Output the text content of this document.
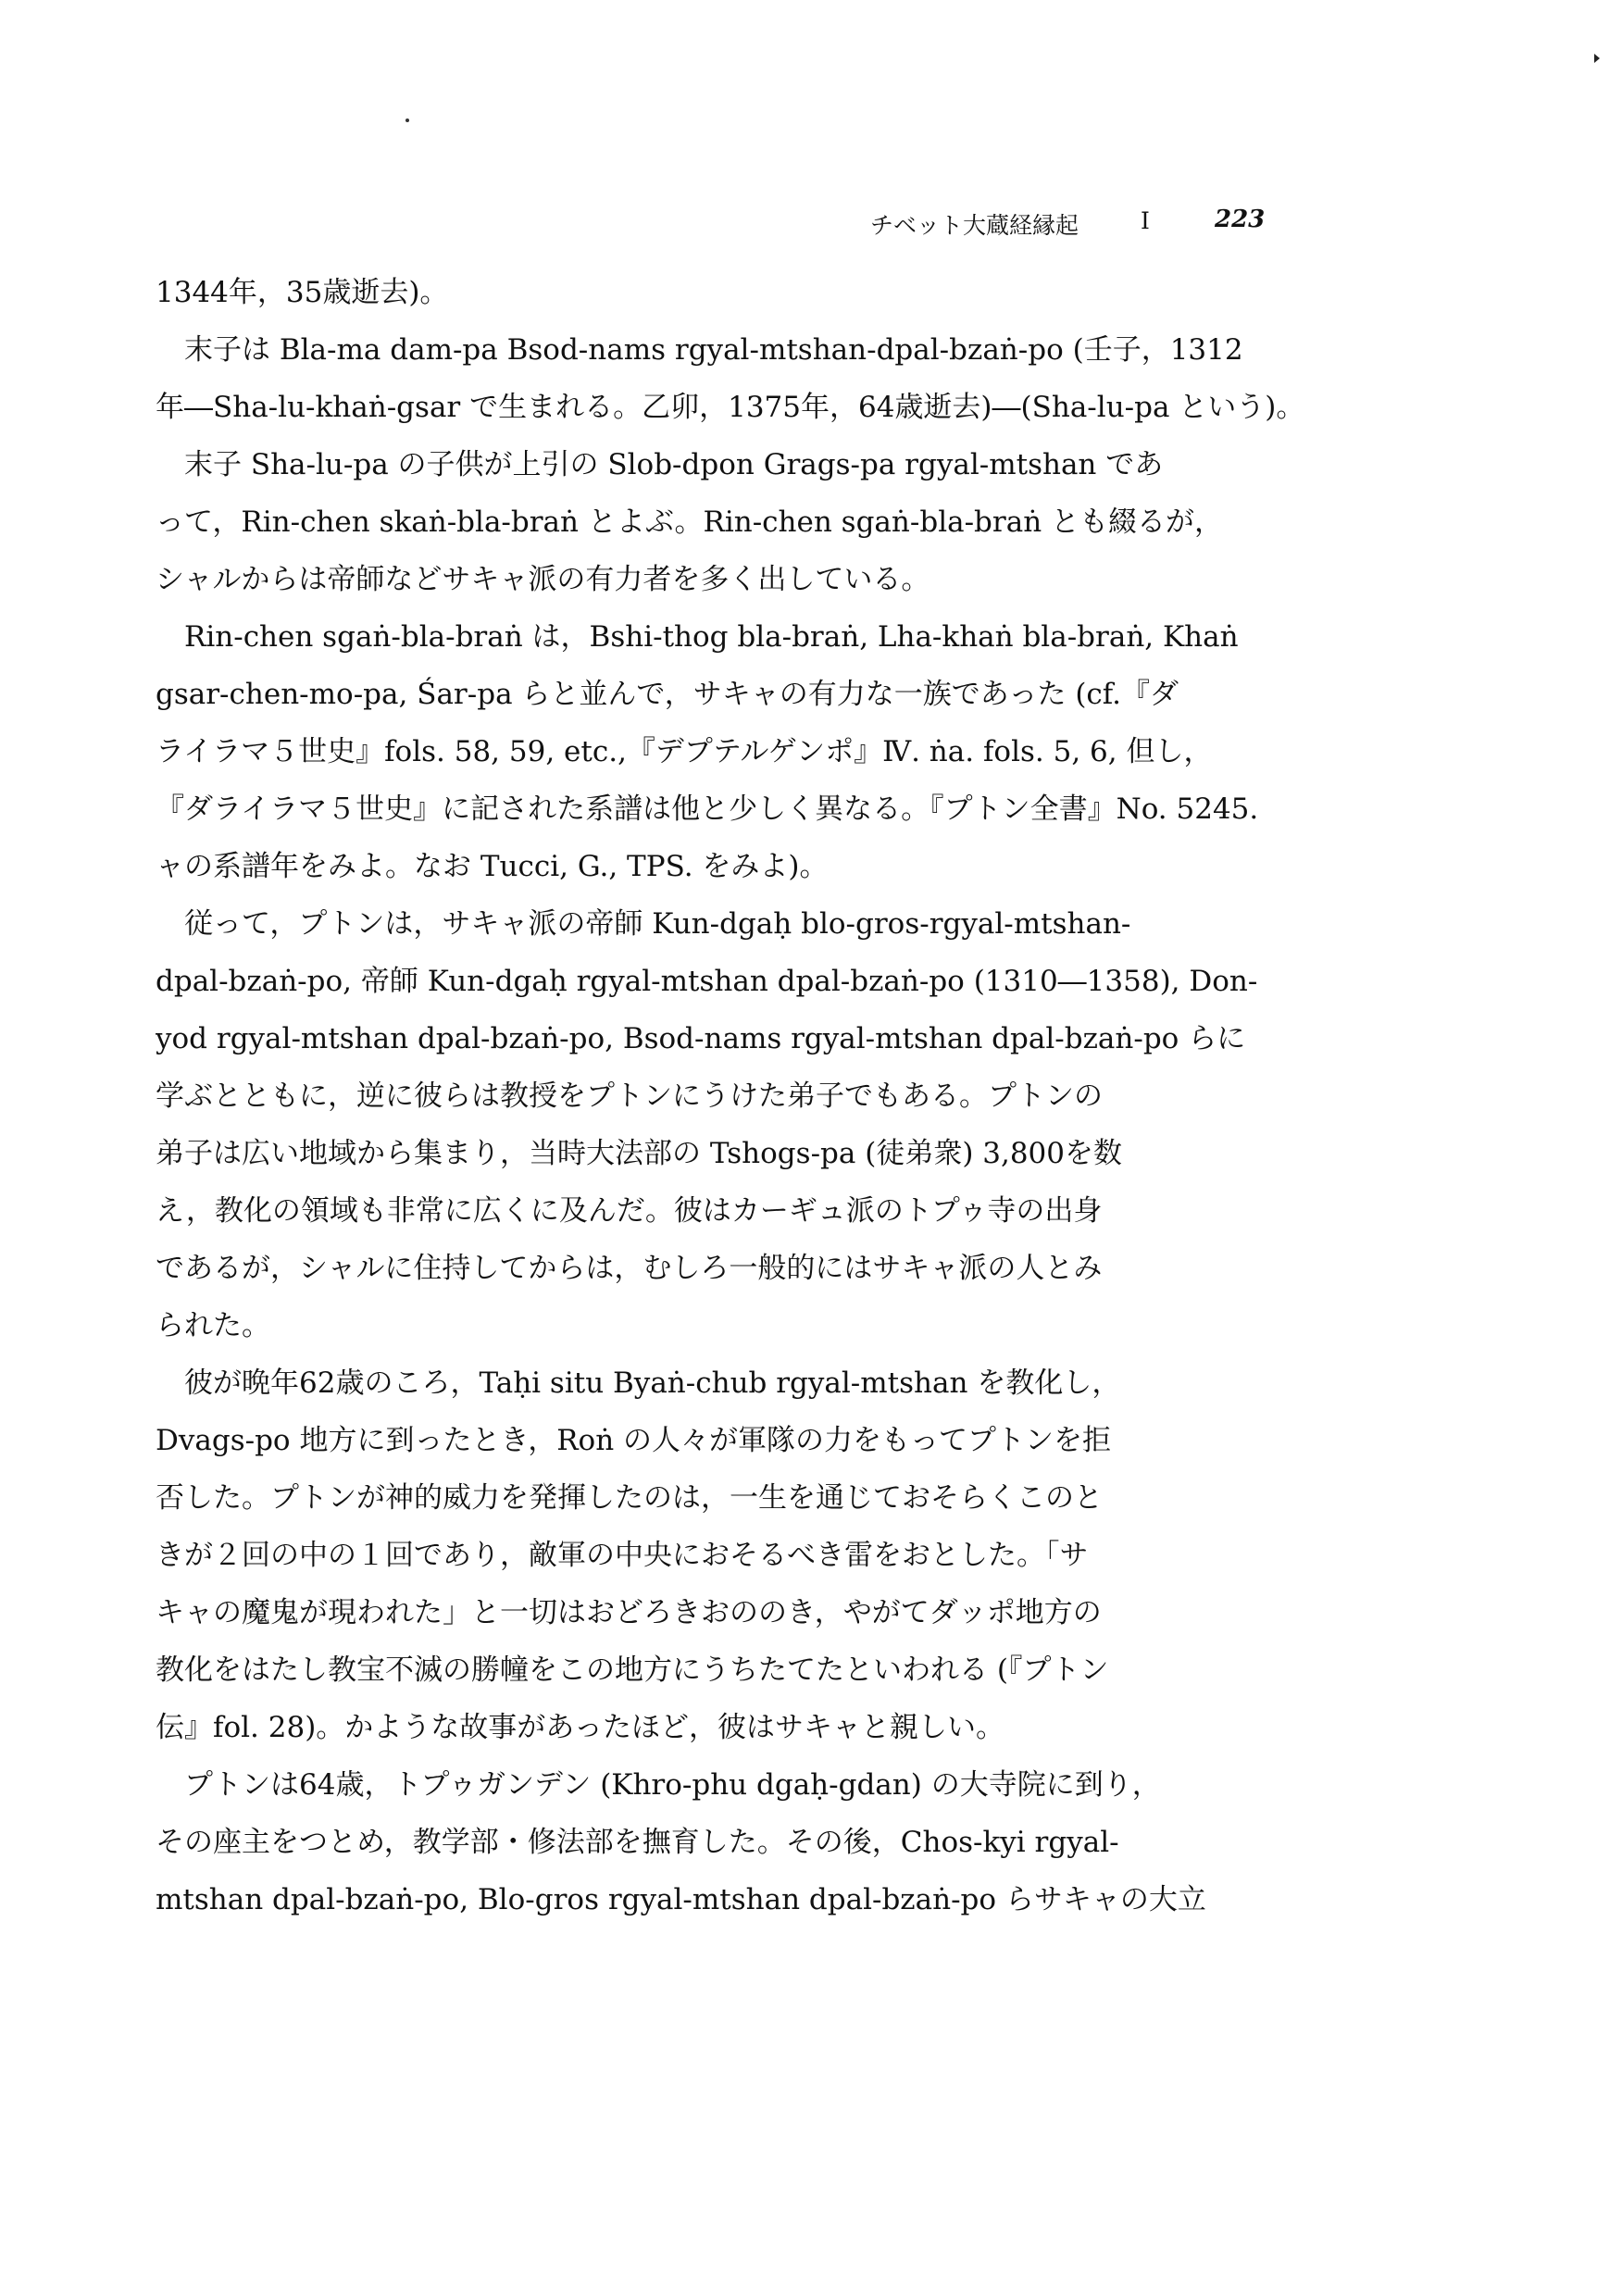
チベット大蔵経縁起	I	223
1344年，35歳逝去)。
　末子は Bla-ma dam-pa Bsod-nams rgyal-mtshan-dpal-bzaṅ-po (壬子，1312
年―Sha-lu-khaṅ-gsar で生まれる。乙卯，1375年，64歳逝去)―(Sha-lu-pa という)。
　末子 Sha-lu-pa の子供が上引の Slob-dpon Grags-pa rgyal-mtshan であ
って，Rin-chen skaṅ-bla-braṅ とよぶ。Rin-chen sgaṅ-bla-braṅ とも綴るが，
シャルからは帝師などサキャ派の有力者を多く出している。
　Rin-chen sgaṅ-bla-braṅ は，Bshi-thog bla-braṅ, Lha-khaṅ bla-braṅ, Khaṅ
gsar-chen-mo-pa, Śar-pa らと並んで，サキャの有力な一族であった (cf.『ダ
ライラマ５世史』fols. 58, 59, etc.,『デプテルゲンポ』Ⅳ. ṅa. fols. 5, 6, 但し，
『ダライラマ５世史』に記された系譜は他と少しく異なる。『プトン全書』No. 5245.
ャの系譜年をみよ。なお Tucci, G., TPS. をみよ)。
　従って，プトンは，サキャ派の帝師 Kun-dgaḥ blo-gros-rgyal-mtshan-
dpal-bzaṅ-po, 帝師 Kun-dgaḥ rgyal-mtshan dpal-bzaṅ-po (1310―1358), Don-
yod rgyal-mtshan dpal-bzaṅ-po, Bsod-nams rgyal-mtshan dpal-bzaṅ-po らに
学ぶとともに，逆に彼らは教授をプトンにうけた弟子でもある。プトンの
弟子は広い地域から集まり，当時大法部の Tshogs-pa (徒弟衆) 3,800を数
え，教化の領域も非常に広くに及んだ。彼はカーギュ派のトプゥ寺の出身
であるが，シャルに住持してからは，むしろ一般的にはサキャ派の人とみ
られた。
　彼が晩年62歳のころ，Taḥi situ Byaṅ-chub rgyal-mtshan を教化し，
Dvags-po 地方に到ったとき，Roṅ の人々が軍隊の力をもってプトンを拒
否した。プトンが神的威力を発揮したのは，一生を通じておそらくこのと
きが２回の中の１回であり，敵軍の中央におそるべき雷をおとした。「サ
キャの魔鬼が現われた」と一切はおどろきおののき，やがてダッポ地方の
教化をはたし教宝不滅の勝幢をこの地方にうちたてたといわれる (『プトン
伝』fol. 28)。かような故事があったほど，彼はサキャと親しい。
　プトンは64歳，トプゥガンデン (Khro-phu dgaḥ-gdan) の大寺院に到り，
その座主をつとめ，教学部・修法部を撫育した。その後，Chos-kyi rgyal-
mtshan dpal-bzaṅ-po, Blo-gros rgyal-mtshan dpal-bzaṅ-po らサキャの大立
